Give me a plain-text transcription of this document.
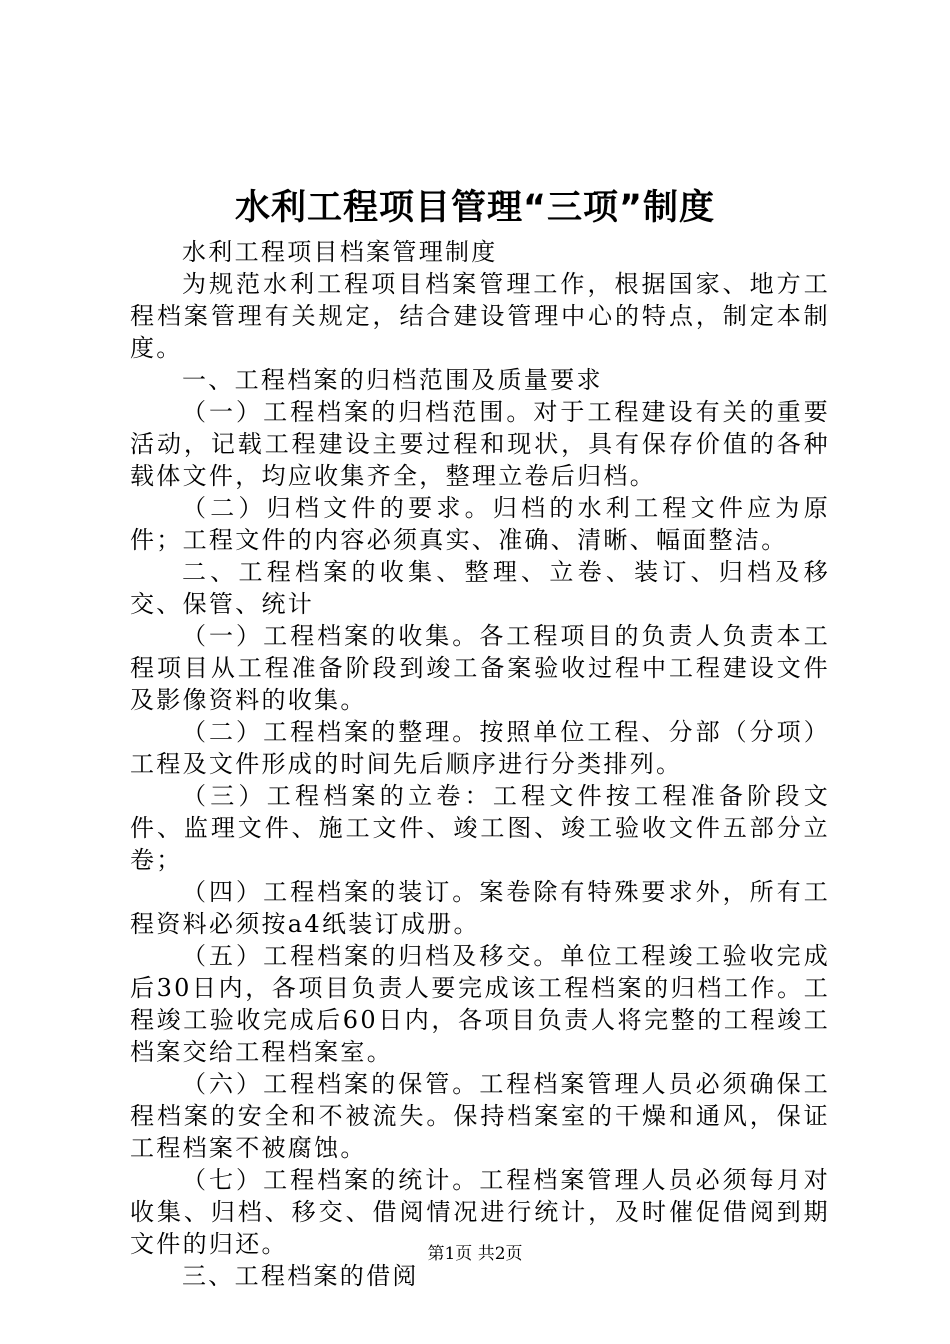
水利工程项目管理“三项”制度

水利工程项目档案管理制度

为规范水利工程项目档案管理工作，根据国家、地方工程档案管理有关规定，结合建设管理中心的特点，制定本制度。

一、工程档案的归档范围及质量要求

（一）工程档案的归档范围。对于工程建设有关的重要活动，记载工程建设主要过程和现状，具有保存价值的各种载体文件，均应收集齐全，整理立卷后归档。

（二）归档文件的要求。归档的水利工程文件应为原件；工程文件的内容必须真实、准确、清晰、幅面整洁。

二、工程档案的收集、整理、立卷、装订、归档及移交、保管、统计

（一）工程档案的收集。各工程项目的负责人负责本工程项目从工程准备阶段到竣工备案验收过程中工程建设文件及影像资料的收集。

（二）工程档案的整理。按照单位工程、分部（分项）工程及文件形成的时间先后顺序进行分类排列。

（三）工程档案的立卷：工程文件按工程准备阶段文件、监理文件、施工文件、竣工图、竣工验收文件五部分立卷；

（四）工程档案的装订。案卷除有特殊要求外，所有工程资料必须按a4纸装订成册。

（五）工程档案的归档及移交。单位工程竣工验收完成后30日内，各项目负责人要完成该工程档案的归档工作。工程竣工验收完成后60日内，各项目负责人将完整的工程竣工档案交给工程档案室。

（六）工程档案的保管。工程档案管理人员必须确保工程档案的安全和不被流失。保持档案室的干燥和通风，保证工程档案不被腐蚀。

（七）工程档案的统计。工程档案管理人员必须每月对收集、归档、移交、借阅情况进行统计，及时催促借阅到期文件的归还。

三、工程档案的借阅

第1页 共2页
